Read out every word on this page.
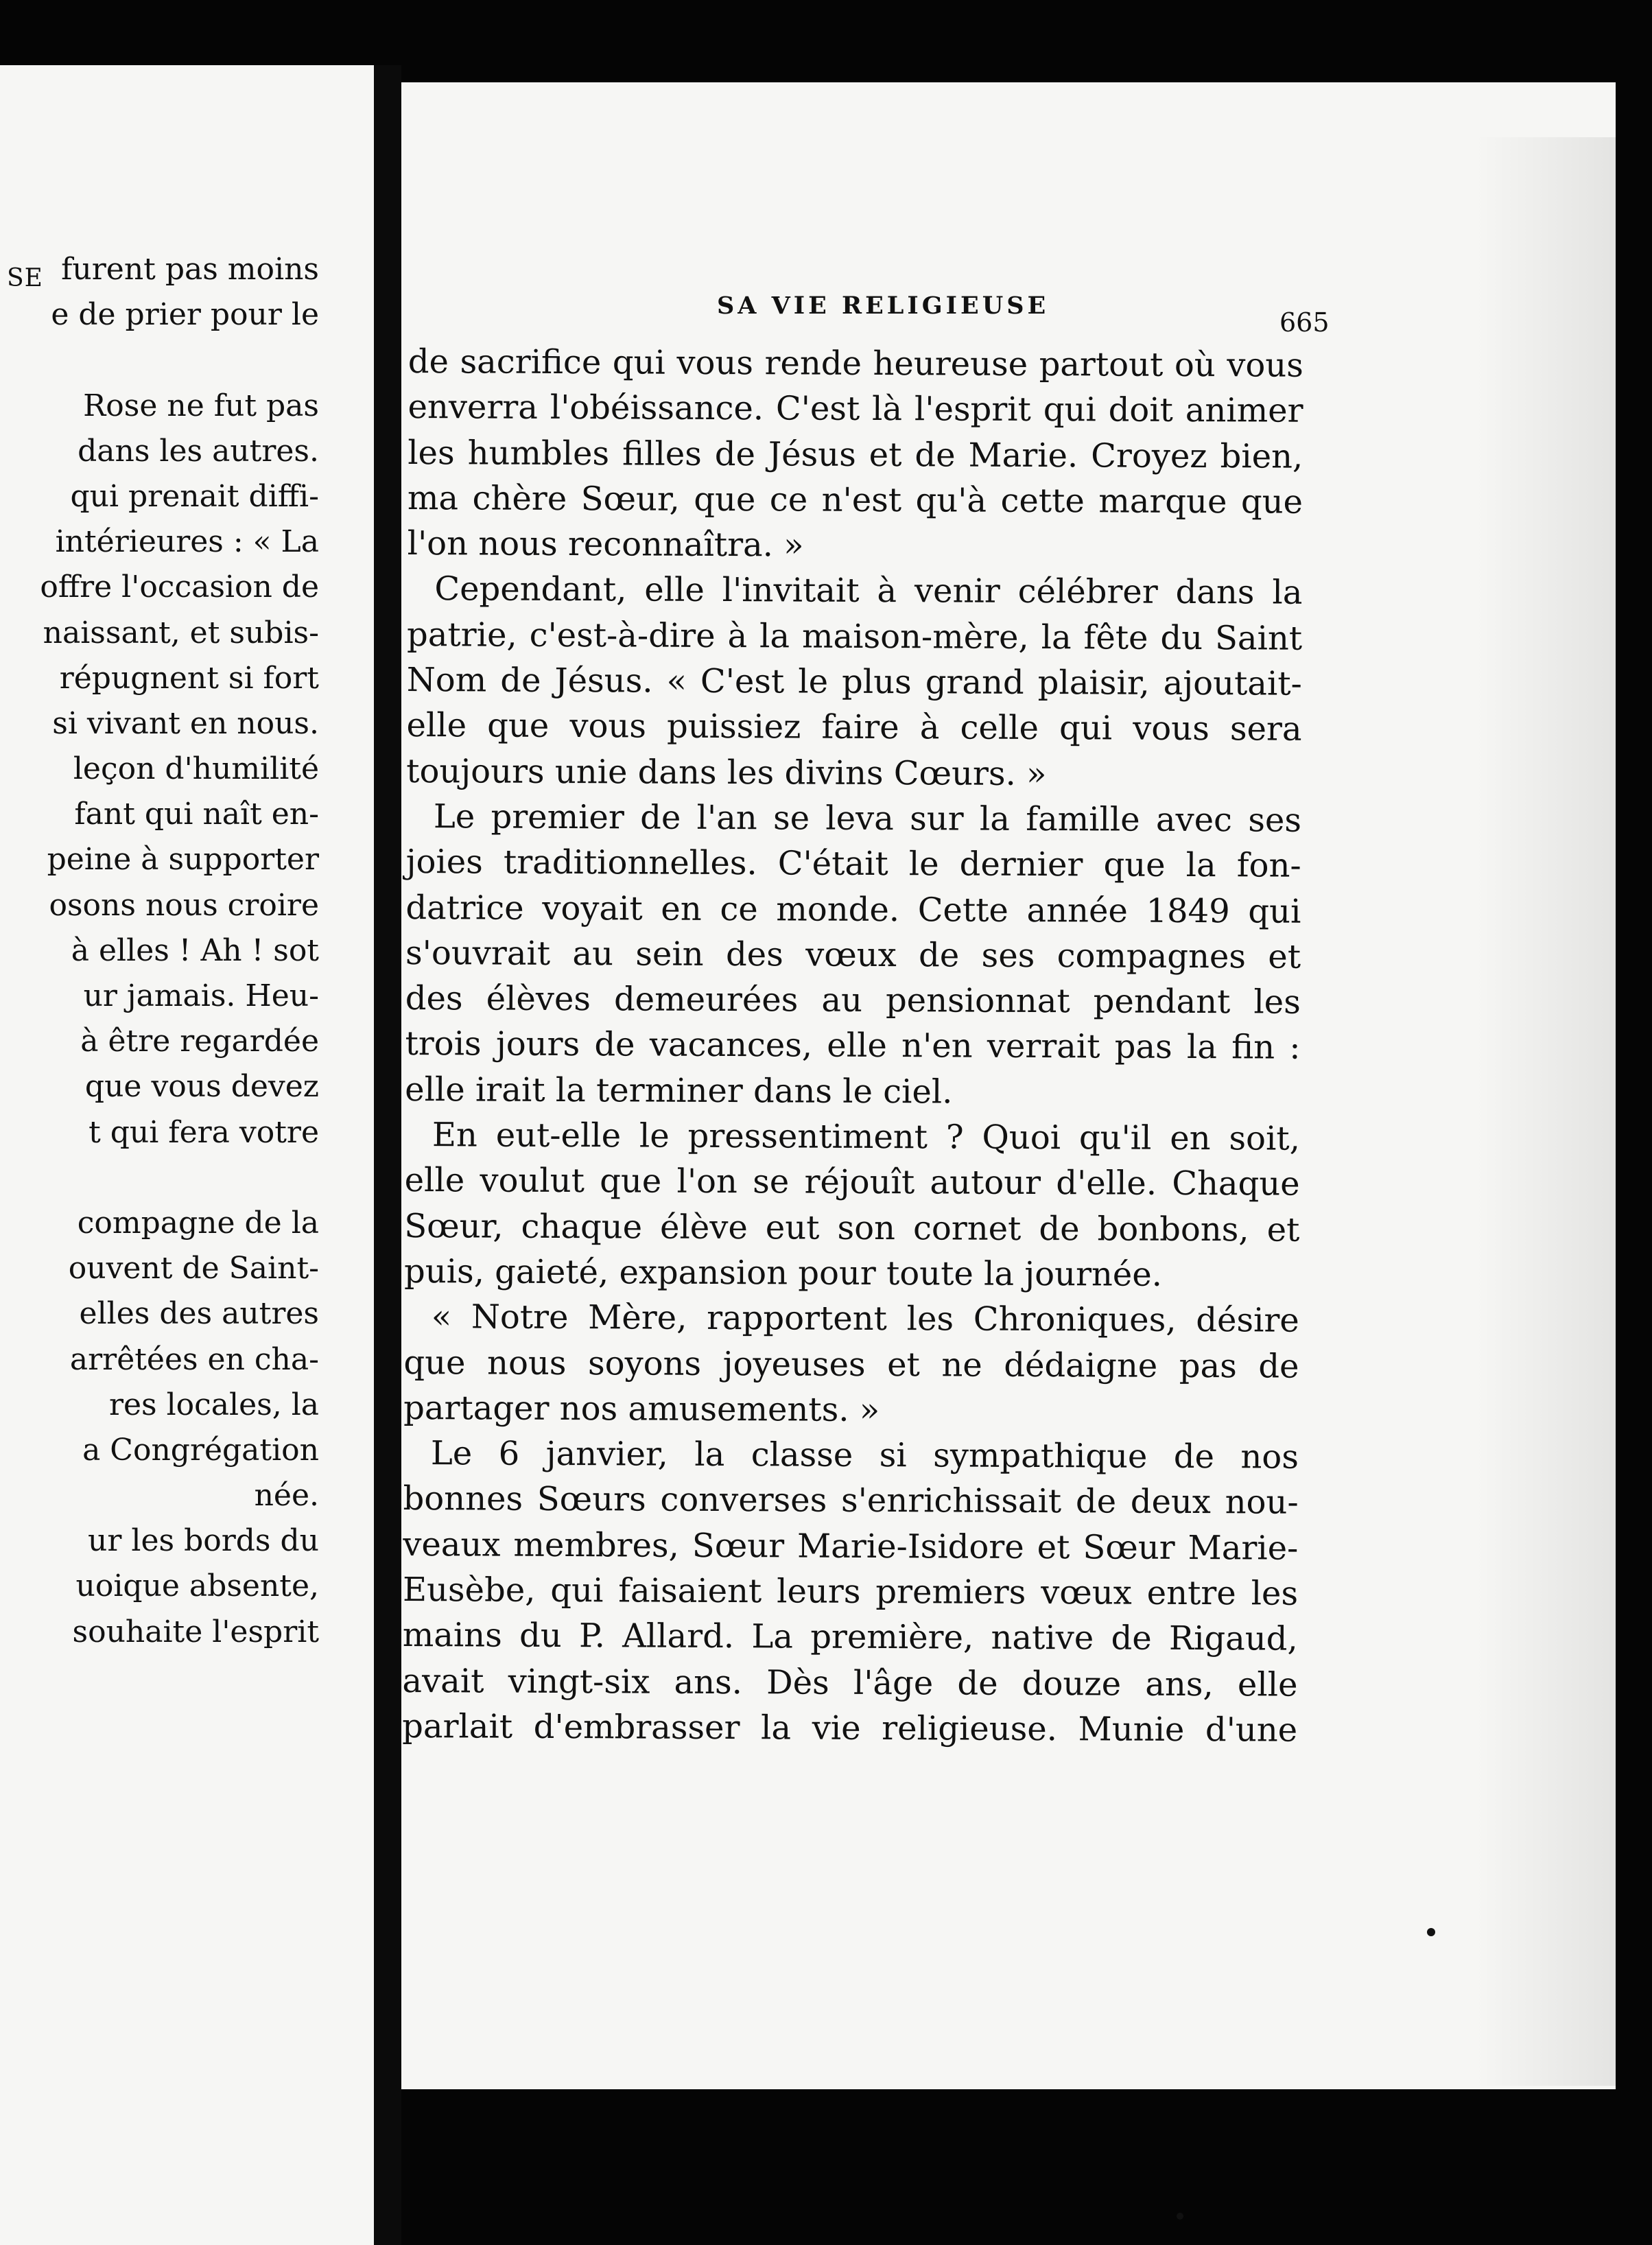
SE furent pas moins
e de prier pour le
Rose ne fut pas
dans les autres.
qui prenait diffi-
intérieures : « La
offre l'occasion de
naissant, et subis-
répugnent si fort
si vivant en nous.
leçon d'humilité
fant qui naît en-
peine à supporter
osons nous croire
à elles ! Ah ! sot
ur jamais. Heu-
à être regardée
que vous devez
t qui fera votre
compagne de la
ouvent de Saint-
elles des autres
arrêtées en cha-
res locales, la
a Congrégation
née.
ur les bords du
uoique absente,
souhaite l'esprit
SA VIE RELIGIEUSE
665
de sacrifice qui vous rende heureuse partout où vous
enverra l'obéissance. C'est là l'esprit qui doit animer
les humbles filles de Jésus et de Marie. Croyez bien,
ma chère Sœur, que ce n'est qu'à cette marque que
l'on nous reconnaîtra. »
Cependant, elle l'invitait à venir célébrer dans la
patrie, c'est-à-dire à la maison-mère, la fête du Saint
Nom de Jésus. « C'est le plus grand plaisir, ajoutait-
elle que vous puissiez faire à celle qui vous sera
toujours unie dans les divins Cœurs. »
Le premier de l'an se leva sur la famille avec ses
joies traditionnelles. C'était le dernier que la fon-
datrice voyait en ce monde. Cette année 1849 qui
s'ouvrait au sein des vœux de ses compagnes et
des élèves demeurées au pensionnat pendant les
trois jours de vacances, elle n'en verrait pas la fin :
elle irait la terminer dans le ciel.
En eut-elle le pressentiment ? Quoi qu'il en soit,
elle voulut que l'on se réjouît autour d'elle. Chaque
Sœur, chaque élève eut son cornet de bonbons, et
puis, gaieté, expansion pour toute la journée.
« Notre Mère, rapportent les Chroniques, désire
que nous soyons joyeuses et ne dédaigne pas de
partager nos amusements. »
Le 6 janvier, la classe si sympathique de nos
bonnes Sœurs converses s'enrichissait de deux nou-
veaux membres, Sœur Marie-Isidore et Sœur Marie-
Eusèbe, qui faisaient leurs premiers vœux entre les
mains du P. Allard. La première, native de Rigaud,
avait vingt-six ans. Dès l'âge de douze ans, elle
parlait d'embrasser la vie religieuse. Munie d'une
